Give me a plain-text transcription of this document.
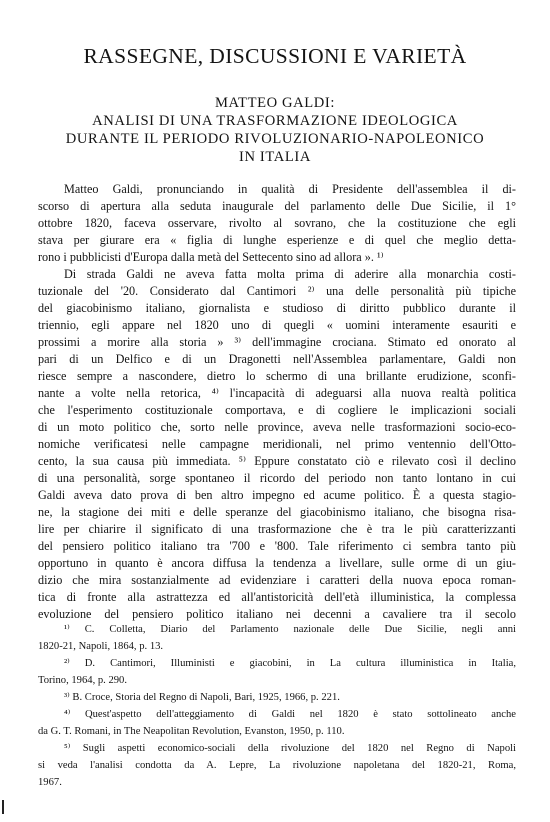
RASSEGNE, DISCUSSIONI E VARIETÀ
MATTEO GALDI:
ANALISI DI UNA TRASFORMAZIONE IDEOLOGICA
DURANTE IL PERIODO RIVOLUZIONARIO-NAPOLEONICO
IN ITALIA
Matteo Galdi, pronunciando in qualità di Presidente dell'assemblea il di-
scorso di apertura alla seduta inaugurale del parlamento delle Due Sicilie, il 1°
ottobre 1820, faceva osservare, rivolto al sovrano, che la costituzione che egli
stava per giurare era « figlia di lunghe esperienze e di quel che meglio detta-
rono i pubblicisti d'Europa dalla metà del Settecento sino ad allora ». ¹⁾
Di strada Galdi ne aveva fatta molta prima di aderire alla monarchia costi-
tuzionale del '20. Considerato dal Cantimori ²⁾ una delle personalità più tipiche
del giacobinismo italiano, giornalista e studioso di diritto pubblico durante il
triennio, egli appare nel 1820 uno di quegli « uomini interamente esauriti e
prossimi a morire alla storia » ³⁾ dell'immagine crociana. Stimato ed onorato al
pari di un Delfico e di un Dragonetti nell'Assemblea parlamentare, Galdi non
riesce sempre a nascondere, dietro lo schermo di una brillante erudizione, sconfi-
nante a volte nella retorica, ⁴⁾ l'incapacità di adeguarsi alla nuova realtà politica
che l'esperimento costituzionale comportava, e di cogliere le implicazioni sociali
di un moto politico che, sorto nelle province, aveva nelle trasformazioni socio-eco-
nomiche verificatesi nelle campagne meridionali, nel primo ventennio dell'Otto-
cento, la sua causa più immediata. ⁵⁾ Eppure constatato ciò e rilevato così il declino
di una personalità, sorge spontaneo il ricordo del periodo non tanto lontano in cui
Galdi aveva dato prova di ben altro impegno ed acume politico. È a questa stagio-
ne, la stagione dei miti e delle speranze del giacobinismo italiano, che bisogna risa-
lire per chiarire il significato di una trasformazione che è tra le più caratterizzanti
del pensiero politico italiano tra '700 e '800. Tale riferimento ci sembra tanto più
opportuno in quanto è ancora diffusa la tendenza a livellare, sulle orme di un giu-
dizio che mira sostanzialmente ad evidenziare i caratteri della nuova epoca roman-
tica di fronte alla astrattezza ed all'antistoricità dell'età illuministica, la complessa
evoluzione del pensiero politico italiano nei decenni a cavaliere tra il secolo
¹⁾ C. Colletta, Diario del Parlamento nazionale delle Due Sicilie, negli anni
1820-21, Napoli, 1864, p. 13.
²⁾ D. Cantimori, Illuministi e giacobini, in La cultura illuministica in Italia,
Torino, 1964, p. 290.
³⁾ B. Croce, Storia del Regno di Napoli, Bari, 1925, 1966, p. 221.
⁴⁾ Quest'aspetto dell'atteggiamento di Galdi nel 1820 è stato sottolineato anche
da G. T. Romani, in The Neapolitan Revolution, Evanston, 1950, p. 110.
⁵⁾ Sugli aspetti economico-sociali della rivoluzione del 1820 nel Regno di Napoli
si veda l'analisi condotta da A. Lepre, La rivoluzione napoletana del 1820-21, Roma,
1967.
